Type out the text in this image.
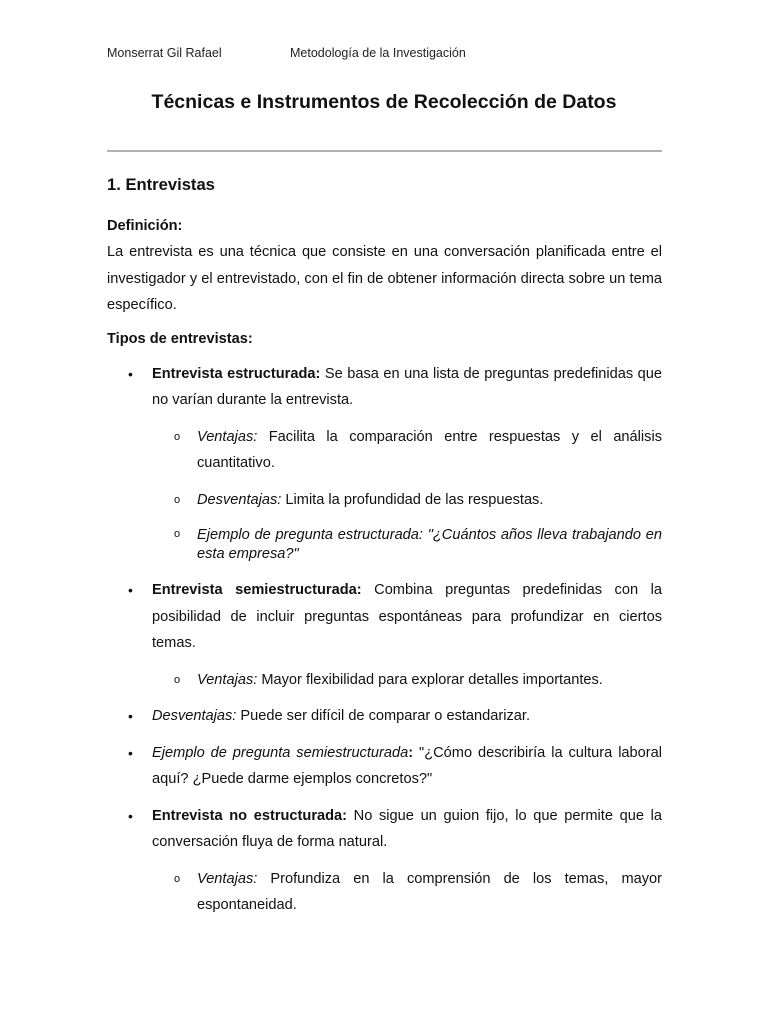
Monserrat Gil Rafael	Metodología de la Investigación
Técnicas e Instrumentos de Recolección de Datos
1. Entrevistas

Definición:

La entrevista es una técnica que consiste en una conversación planificada entre el investigador y el entrevistado, con el fin de obtener información directa sobre un tema específico.

Tipos de entrevistas:

• Entrevista estructurada: Se basa en una lista de preguntas predefinidas que no varían durante la entrevista.
o Ventajas: Facilita la comparación entre respuestas y el análisis cuantitativo.
o Desventajas: Limita la profundidad de las respuestas.
o Ejemplo de pregunta estructurada: "¿Cuántos años lleva trabajando en esta empresa?"
• Entrevista semiestructurada: Combina preguntas predefinidas con la posibilidad de incluir preguntas espontáneas para profundizar en ciertos temas.
o Ventajas: Mayor flexibilidad para explorar detalles importantes.
• Desventajas: Puede ser difícil de comparar o estandarizar.
• Ejemplo de pregunta semiestructurada: "¿Cómo describiría la cultura laboral aquí? ¿Puede darme ejemplos concretos?"
• Entrevista no estructurada: No sigue un guion fijo, lo que permite que la conversación fluya de forma natural.
o Ventajas: Profundiza en la comprensión de los temas, mayor espontaneidad.
